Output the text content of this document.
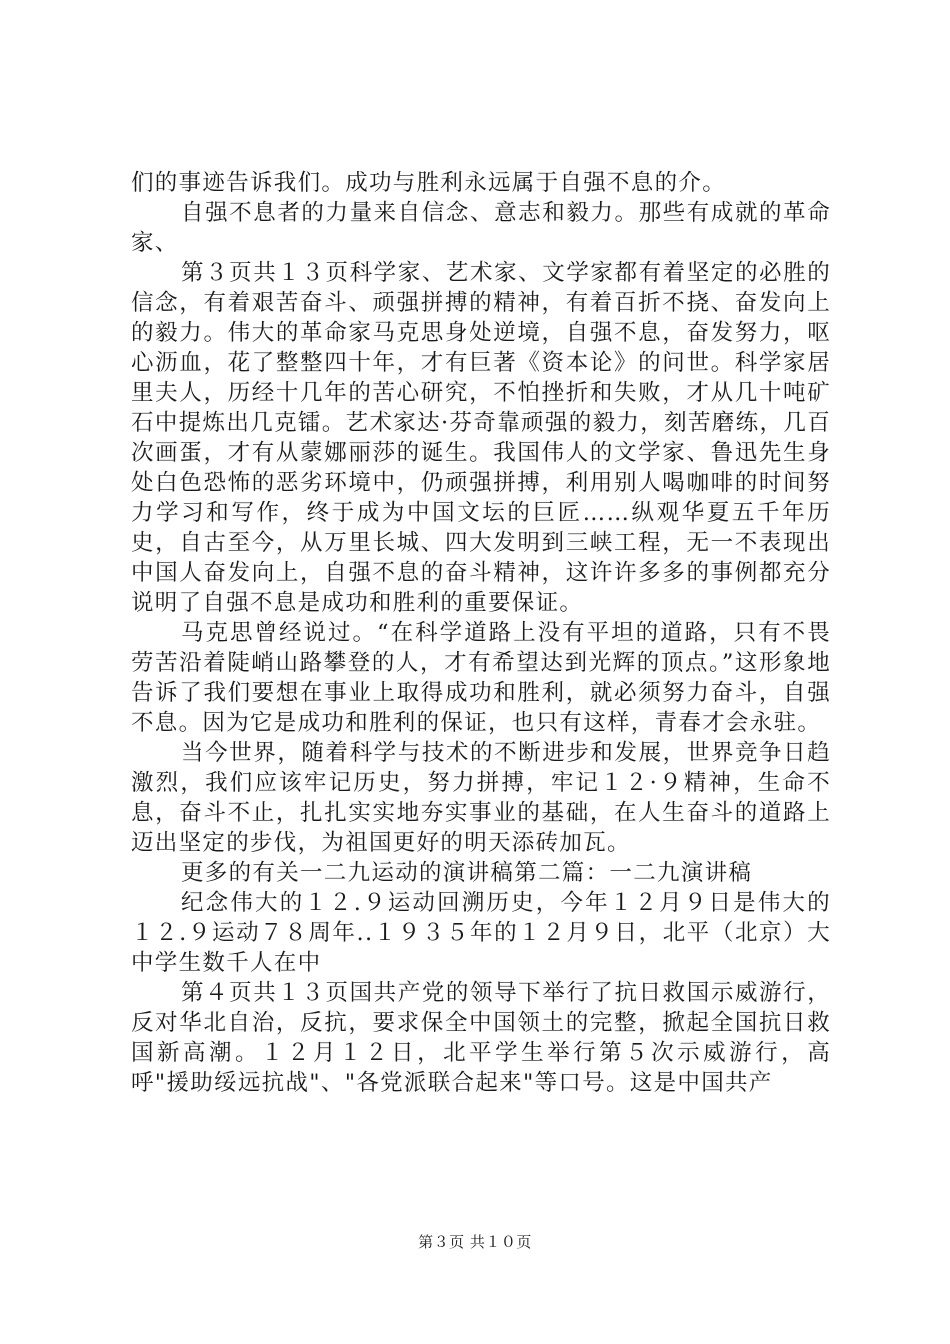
们的事迹告诉我们。成功与胜利永远属于自强不息的介。

自强不息者的力量来自信念、意志和毅力。那些有成就的革命家、

第３页共１３页科学家、艺术家、文学家都有着坚定的必胜的信念，有着艰苦奋斗、顽强拼搏的精神，有着百折不挠、奋发向上的毅力。伟大的革命家马克思身处逆境，自强不息，奋发努力，呕心沥血，花了整整四十年，才有巨著《资本论》的问世。科学家居里夫人，历经十几年的苦心研究，不怕挫折和失败，才从几十吨矿石中提炼出几克镭。艺术家达·芬奇靠顽强的毅力，刻苦磨练，几百次画蛋，才有从蒙娜丽莎的诞生。我国伟人的文学家、鲁迅先生身处白色恐怖的恶劣环境中，仍顽强拼搏，利用别人喝咖啡的时间努力学习和写作，终于成为中国文坛的巨匠……纵观华夏五千年历史，自古至今，从万里长城、四大发明到三峡工程，无一不表现出中国人奋发向上，自强不息的奋斗精神，这许许多多的事例都充分说明了自强不息是成功和胜利的重要保证。

马克思曾经说过。“在科学道路上没有平坦的道路，只有不畏劳苦沿着陡峭山路攀登的人，才有希望达到光辉的顶点。”这形象地告诉了我们要想在事业上取得成功和胜利，就必须努力奋斗，自强不息。因为它是成功和胜利的保证，也只有这样，青春才会永驻。

当今世界，随着科学与技术的不断进步和发展，世界竞争日趋激烈，我们应该牢记历史，努力拼搏，牢记１２·９精神，生命不息，奋斗不止，扎扎实实地夯实事业的基础，在人生奋斗的道路上迈出坚定的步伐，为祖国更好的明天添砖加瓦。

更多的有关一二九运动的演讲稿第二篇：一二九演讲稿

纪念伟大的１２.９运动回溯历史，今年１２月９日是伟大的１２.９运动７８周年..１９３５年的１２月９日，北平（北京）大中学生数千人在中

第４页共１３页国共产党的领导下举行了抗日救国示威游行，反对华北自治，反抗，要求保全中国领土的完整，掀起全国抗日救国新高潮。１２月１２日，北平学生举行第５次示威游行，高呼"援助绥远抗战"、"各党派联合起来"等口号。这是中国共产

第３页 共１０页
